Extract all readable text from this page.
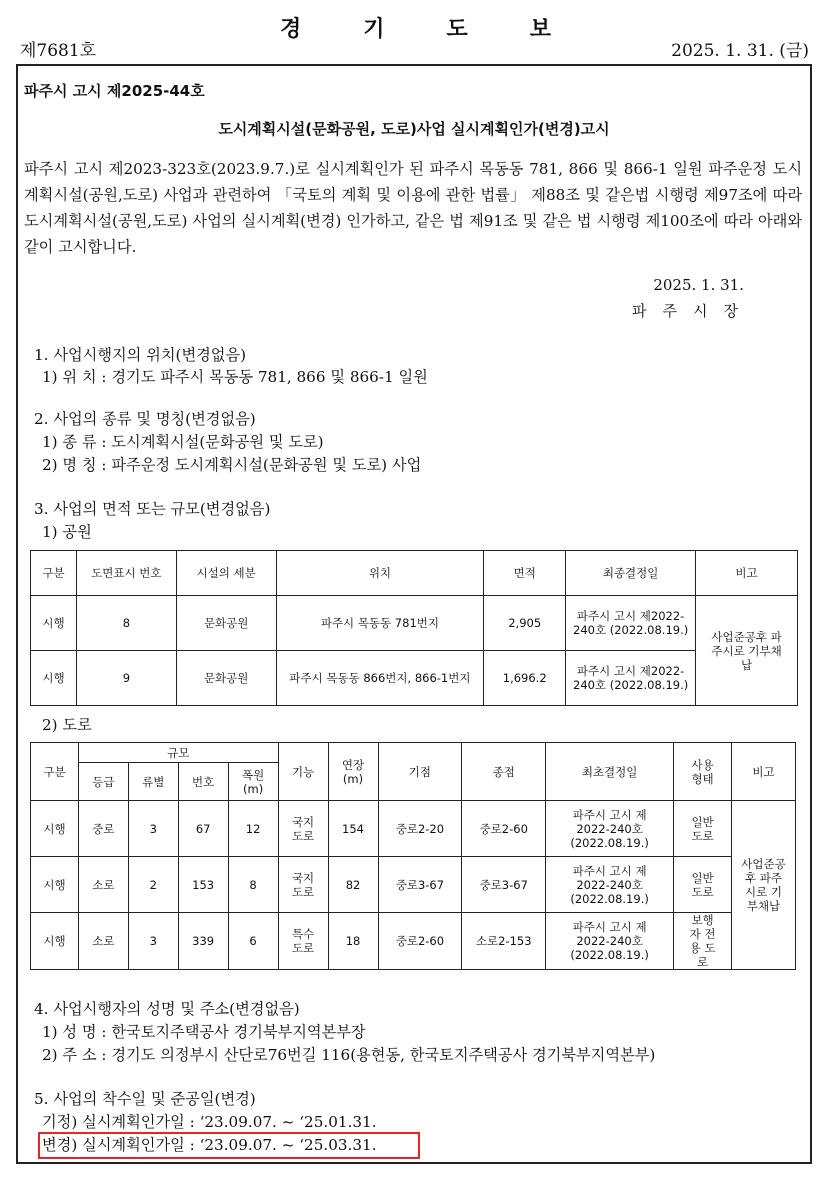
경기도보
제7681호	2025. 1. 31. (금)
파주시 고시 제2025-44호
도시계획시설(문화공원, 도로)사업 실시계획인가(변경)고시
파주시 고시 제2023-323호(2023.9.7.)로 실시계획인가 된 파주시 목동동 781, 866 및 866-1 일원 파주운정 도시계획시설(공원,도로) 사업과 관련하여 「국토의 계획 및 이용에 관한 법률」 제88조 및 같은법 시행령 제97조에 따라 도시계획시설(공원,도로) 사업의 실시계획(변경) 인가하고, 같은 법 제91조 및 같은 법 시행령 제100조에 따라 아래와 같이 고시합니다.
2025. 1. 31.
파주시장
1. 사업시행지의 위치(변경없음)
1) 위 치 : 경기도 파주시 목동동 781, 866 및 866-1 일원
2. 사업의 종류 및 명칭(변경없음)
1) 종 류 : 도시계획시설(문화공원 및 도로)
2) 명 칭 : 파주운정 도시계획시설(문화공원 및 도로) 사업
3. 사업의 면적 또는 규모(변경없음)
1) 공원
구분	도면표시 번호	시설의 세분	위치	면적	최종결정일	비고
시행	8	문화공원	파주시 목동동 781번지	2,905	파주시 고시 제2022-240호 (2022.08.19.)	사업준공후 파주시로 기부채납
시행	9	문화공원	파주시 목동동 866번지, 866-1번지	1,696.2	파주시 고시 제2022-240호 (2022.08.19.)	
2) 도로
구분	규모				기능	연장 (m)	기점	종점	최초결정일	사용 형태	비고
	등급	류별	번호	폭원 (m)							
시행	중로	3	67	12	국지 도로	154	중로2-20	중로2-60	파주시 고시 제2022-240호 (2022.08.19.)	일반 도로	사업준공 후 파주시로 기부채납
시행	소로	2	153	8	국지 도로	82	중로3-67	중로3-67	파주시 고시 제2022-240호 (2022.08.19.)	일반 도로	
시행	소로	3	339	6	특수 도로	18	중로2-60	소로2-153	파주시 고시 제2022-240호 (2022.08.19.)	보행자 전용 도로	
4. 사업시행자의 성명 및 주소(변경없음)
1) 성 명 : 한국토지주택공사 경기북부지역본부장
2) 주 소 : 경기도 의정부시 산단로76번길 116(용현동, 한국토지주택공사 경기북부지역본부)
5. 사업의 착수일 및 준공일(변경)
기정) 실시계획인가일 : ‘23.09.07. ~ ‘25.01.31.
변경) 실시계획인가일 : ‘23.09.07. ~ ‘25.03.31.
